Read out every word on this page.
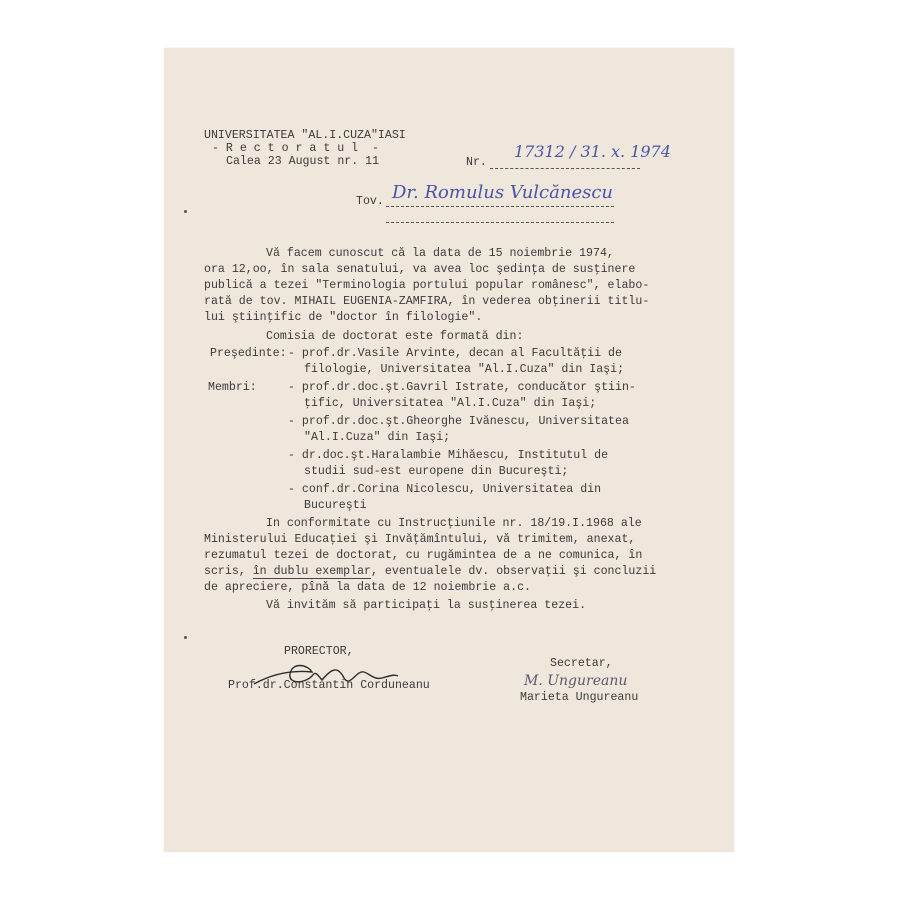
UNIVERSITATEA "AL.I.CUZA"IASI
- R e c t o r a t u l  -
Calea 23 August nr. 11	Nr.
17312 / 31. x. 1974
Tov. Dr. Romulus Vulcănescu
Vă facem cunoscut că la data de 15 noiembrie 1974,
ora 12,oo, în sala senatului, va avea loc şedinţa de susţinere
publică a tezei "Terminologia portului popular românesc", elabo-
rată de tov. MIHAIL EUGENIA-ZAMFIRA, în vederea obţinerii titlu-
lui ştiinţific de "doctor în filologie".
Comisia de doctorat este formată din:
Preşedinte: - prof.dr.Vasile Arvinte, decan al Facultăţii de
filologie, Universitatea "Al.I.Cuza" din Iaşi;
Membri:	- prof.dr.doc.şt.Gavril Istrate, conducător ştiin-
ţific, Universitatea "Al.I.Cuza" din Iaşi;
- prof.dr.doc.şt.Gheorghe Ivănescu, Universitatea
"Al.I.Cuza" din Iaşi;
- dr.doc.şt.Haralambie Mihăescu, Institutul de
studii sud-est europene din Bucureşti;
- conf.dr.Corina Nicolescu, Universitatea din
Bucureşti
In conformitate cu Instrucţiunile nr. 18/19.I.1968 ale
Ministerului Educaţiei şi Invăţămîntului, vă trimitem, anexat,
rezumatul tezei de doctorat, cu rugămintea de a ne comunica, în
scris, în dublu exemplar, eventualele dv. observaţii şi concluzii
de apreciere, pînă la data de 12 noiembrie a.c.
Vă invităm să participaţi la susţinerea tezei.
PRORECTOR,
Prof.dr.Constantin Corduneanu
Secretar,
M. Ungureanu
Marieta Ungureanu
